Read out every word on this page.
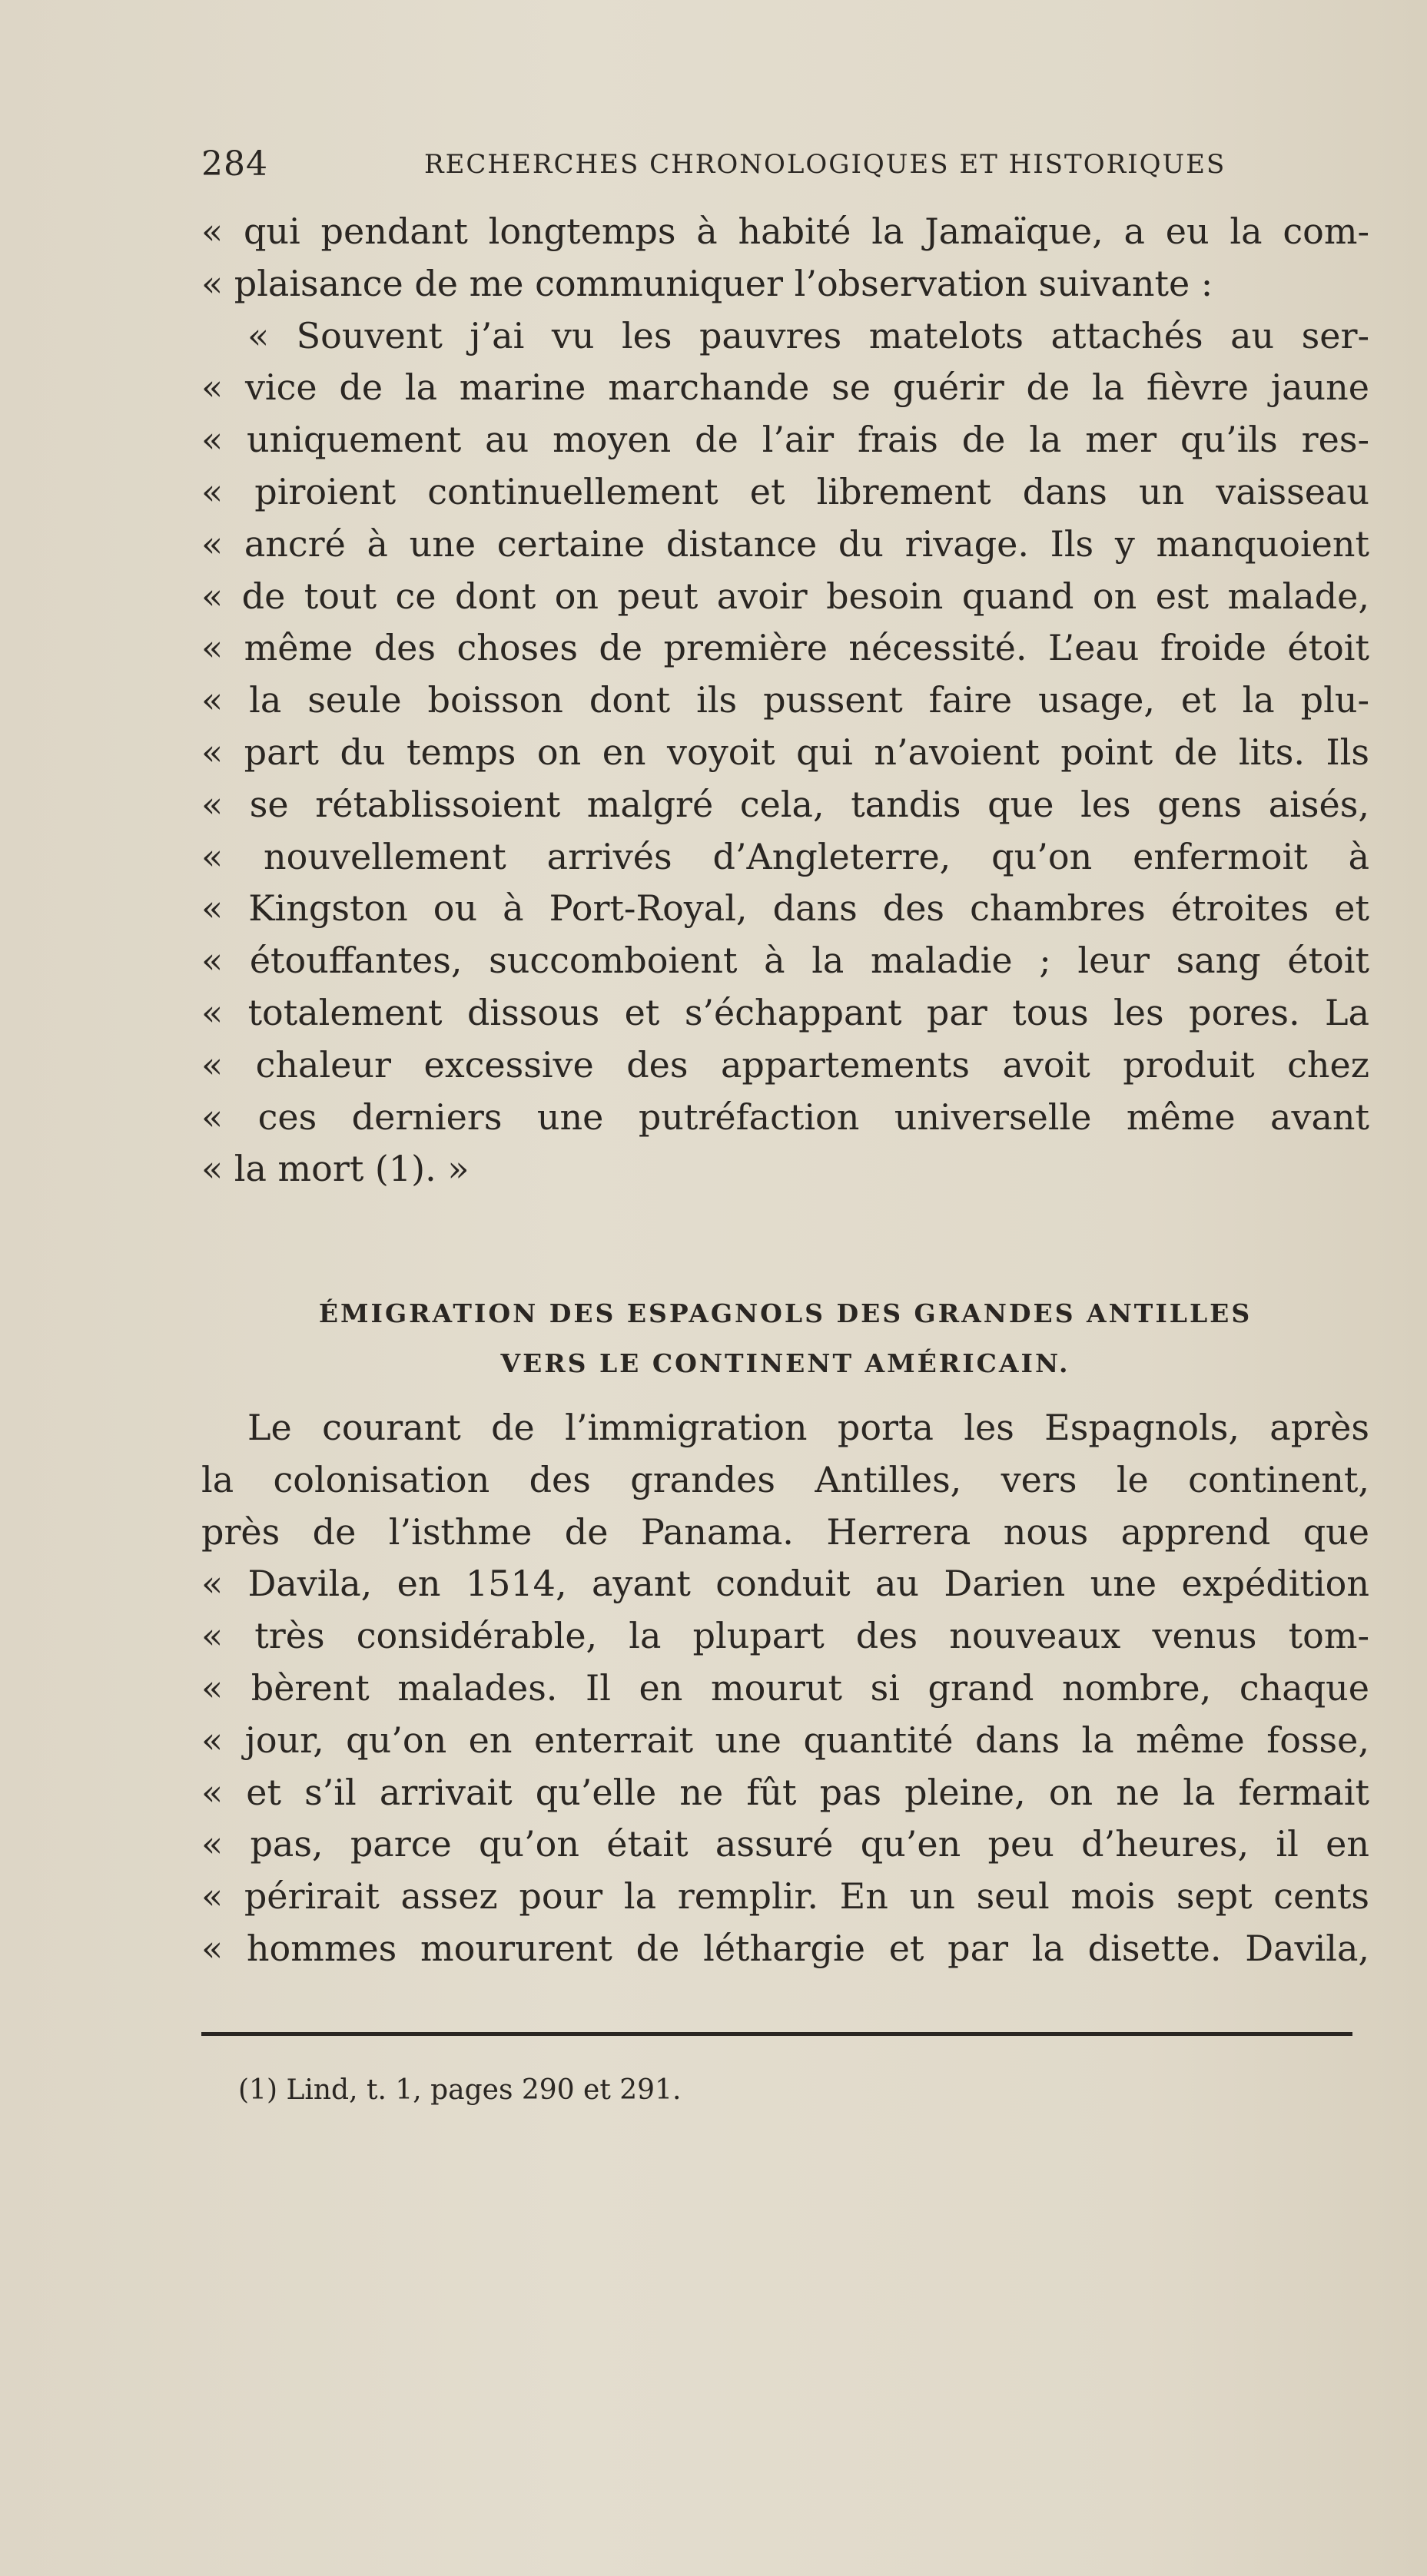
284	RECHERCHES CHRONOLOGIQUES ET HISTORIQUES
« qui pendant longtemps à habité la Jamaïque, a eu la com-
« plaisance de me communiquer l’observation suivante :
« Souvent j’ai vu les pauvres matelots attachés au ser-
« vice de la marine marchande se guérir de la fièvre jaune
« uniquement au moyen de l’air frais de la mer qu’ils res-
« piroient continuellement et librement dans un vaisseau
« ancré à une certaine distance du rivage. Ils y manquoient
« de tout ce dont on peut avoir besoin quand on est malade,
« même des choses de première nécessité. L’eau froide étoit
« la seule boisson dont ils pussent faire usage, et la plu-
« part du temps on en voyoit qui n’avoient point de lits. Ils
« se rétablissoient malgré cela, tandis que les gens aisés,
« nouvellement arrivés d’Angleterre, qu’on enfermoit à
« Kingston ou à Port-Royal, dans des chambres étroites et
« étouffantes, succomboient à la maladie ; leur sang étoit
« totalement dissous et s’échappant par tous les pores. La
« chaleur excessive des appartements avoit produit chez
« ces derniers une putréfaction universelle même avant
« la mort (1). »
ÉMIGRATION DES ESPAGNOLS DES GRANDES ANTILLES
VERS LE CONTINENT AMÉRICAIN.
Le courant de l’immigration porta les Espagnols, après
la colonisation des grandes Antilles, vers le continent,
près de l’isthme de Panama. Herrera nous apprend que
« Davila, en 1514, ayant conduit au Darien une expédition
« très considérable, la plupart des nouveaux venus tom-
« bèrent malades. Il en mourut si grand nombre, chaque
« jour, qu’on en enterrait une quantité dans la même fosse,
« et s’il arrivait qu’elle ne fût pas pleine, on ne la fermait
« pas, parce qu’on était assuré qu’en peu d’heures, il en
« périrait assez pour la remplir. En un seul mois sept cents
« hommes moururent de léthargie et par la disette. Davila,
(1) Lind, t. 1, pages 290 et 291.
